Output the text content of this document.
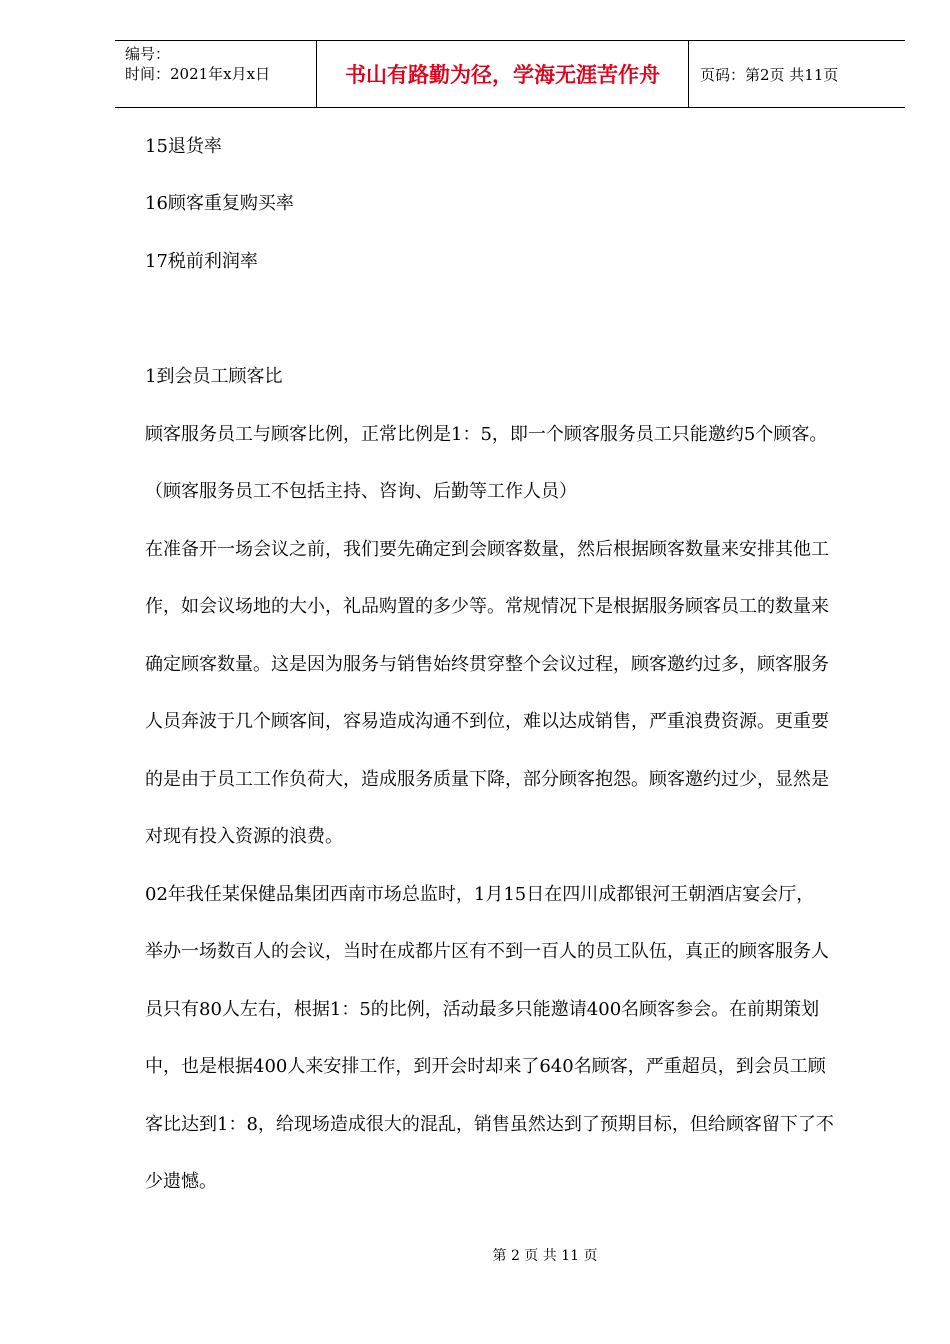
编号：
时间：2021年x月x日	书山有路勤为径，学海无涯苦作舟	页码：第2页 共11页
15退货率
16顾客重复购买率
17税前利润率
1到会员工顾客比
顾客服务员工与顾客比例，正常比例是1：5，即一个顾客服务员工只能邀约5个顾客。
（顾客服务员工不包括主持、咨询、后勤等工作人员）
在准备开一场会议之前，我们要先确定到会顾客数量，然后根据顾客数量来安排其他工
作，如会议场地的大小，礼品购置的多少等。常规情况下是根据服务顾客员工的数量来
确定顾客数量。这是因为服务与销售始终贯穿整个会议过程，顾客邀约过多，顾客服务
人员奔波于几个顾客间，容易造成沟通不到位，难以达成销售，严重浪费资源。更重要
的是由于员工工作负荷大，造成服务质量下降，部分顾客抱怨。顾客邀约过少，显然是
对现有投入资源的浪费。
02年我任某保健品集团西南市场总监时，1月15日在四川成都银河王朝酒店宴会厅，
举办一场数百人的会议，当时在成都片区有不到一百人的员工队伍，真正的顾客服务人
员只有80人左右，根据1：5的比例，活动最多只能邀请400名顾客参会。在前期策划
中，也是根据400人来安排工作，到开会时却来了640名顾客，严重超员，到会员工顾
客比达到1：8，给现场造成很大的混乱，销售虽然达到了预期目标，但给顾客留下了不
少遗憾。
第 2 页 共 11 页
